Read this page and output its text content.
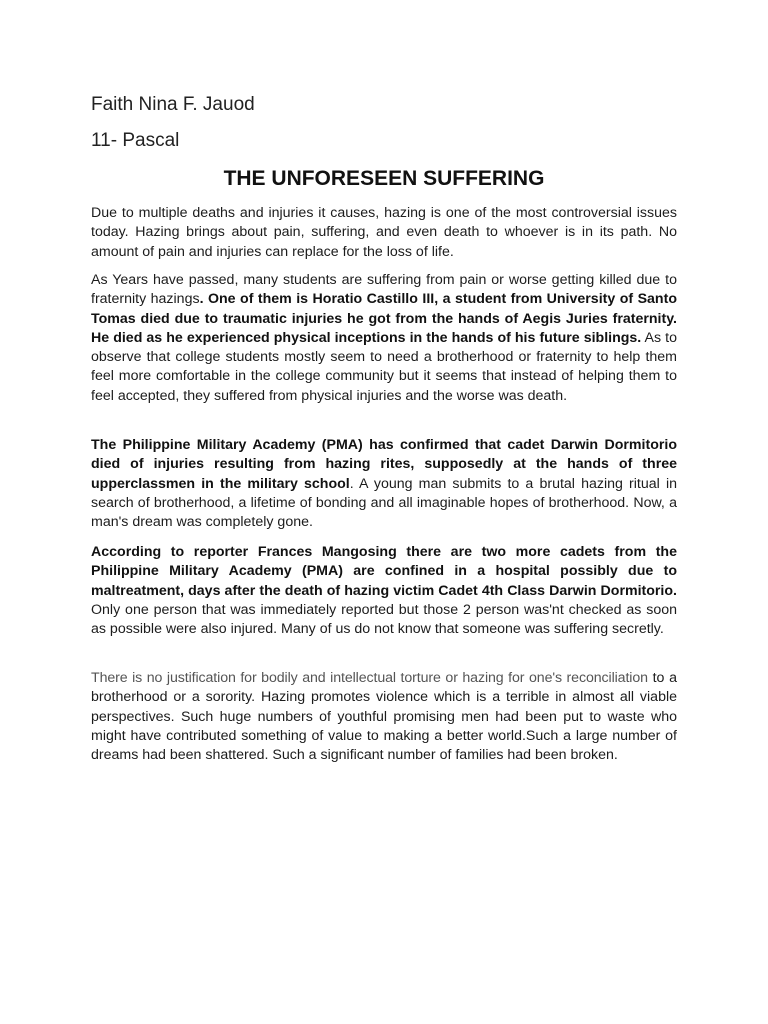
Faith Nina F. Jauod
11- Pascal
THE UNFORESEEN SUFFERING

Due to multiple deaths and injuries it causes, hazing is one of the most controversial issues today. Hazing brings about pain, suffering, and even death to whoever is in its path. No amount of pain and injuries can replace for the loss of life.

As Years have passed, many students are suffering from pain or worse getting killed due to fraternity hazings. One of them is Horatio Castillo III, a student from University of Santo Tomas died due to traumatic injuries he got from the hands of Aegis Juries fraternity. He died as he experienced physical inceptions in the hands of his future siblings. As to observe that college students mostly seem to need a brotherhood or fraternity to help them feel more comfortable in the college community but it seems that instead of helping them to feel accepted, they suffered from physical injuries and the worse was death.

The Philippine Military Academy (PMA) has confirmed that cadet Darwin Dormitorio died of injuries resulting from hazing rites, supposedly at the hands of three upperclassmen in the military school. A young man submits to a brutal hazing ritual in search of brotherhood, a lifetime of bonding and all imaginable hopes of brotherhood. Now, a man's dream was completely gone.

According to reporter Frances Mangosing there are two more cadets from the Philippine Military Academy (PMA) are confined in a hospital possibly due to maltreatment, days after the death of hazing victim Cadet 4th Class Darwin Dormitorio. Only one person that was immediately reported but those 2 person was'nt checked as soon as possible were also injured. Many of us do not know that someone was suffering secretly.

There is no justification for bodily and intellectual torture or hazing for one's reconciliation to a brotherhood or a sorority. Hazing promotes violence which is a terrible in almost all viable perspectives. Such huge numbers of youthful promising men had been put to waste who might have contributed something of value to making a better world.Such a large number of dreams had been shattered. Such a significant number of families had been broken.
